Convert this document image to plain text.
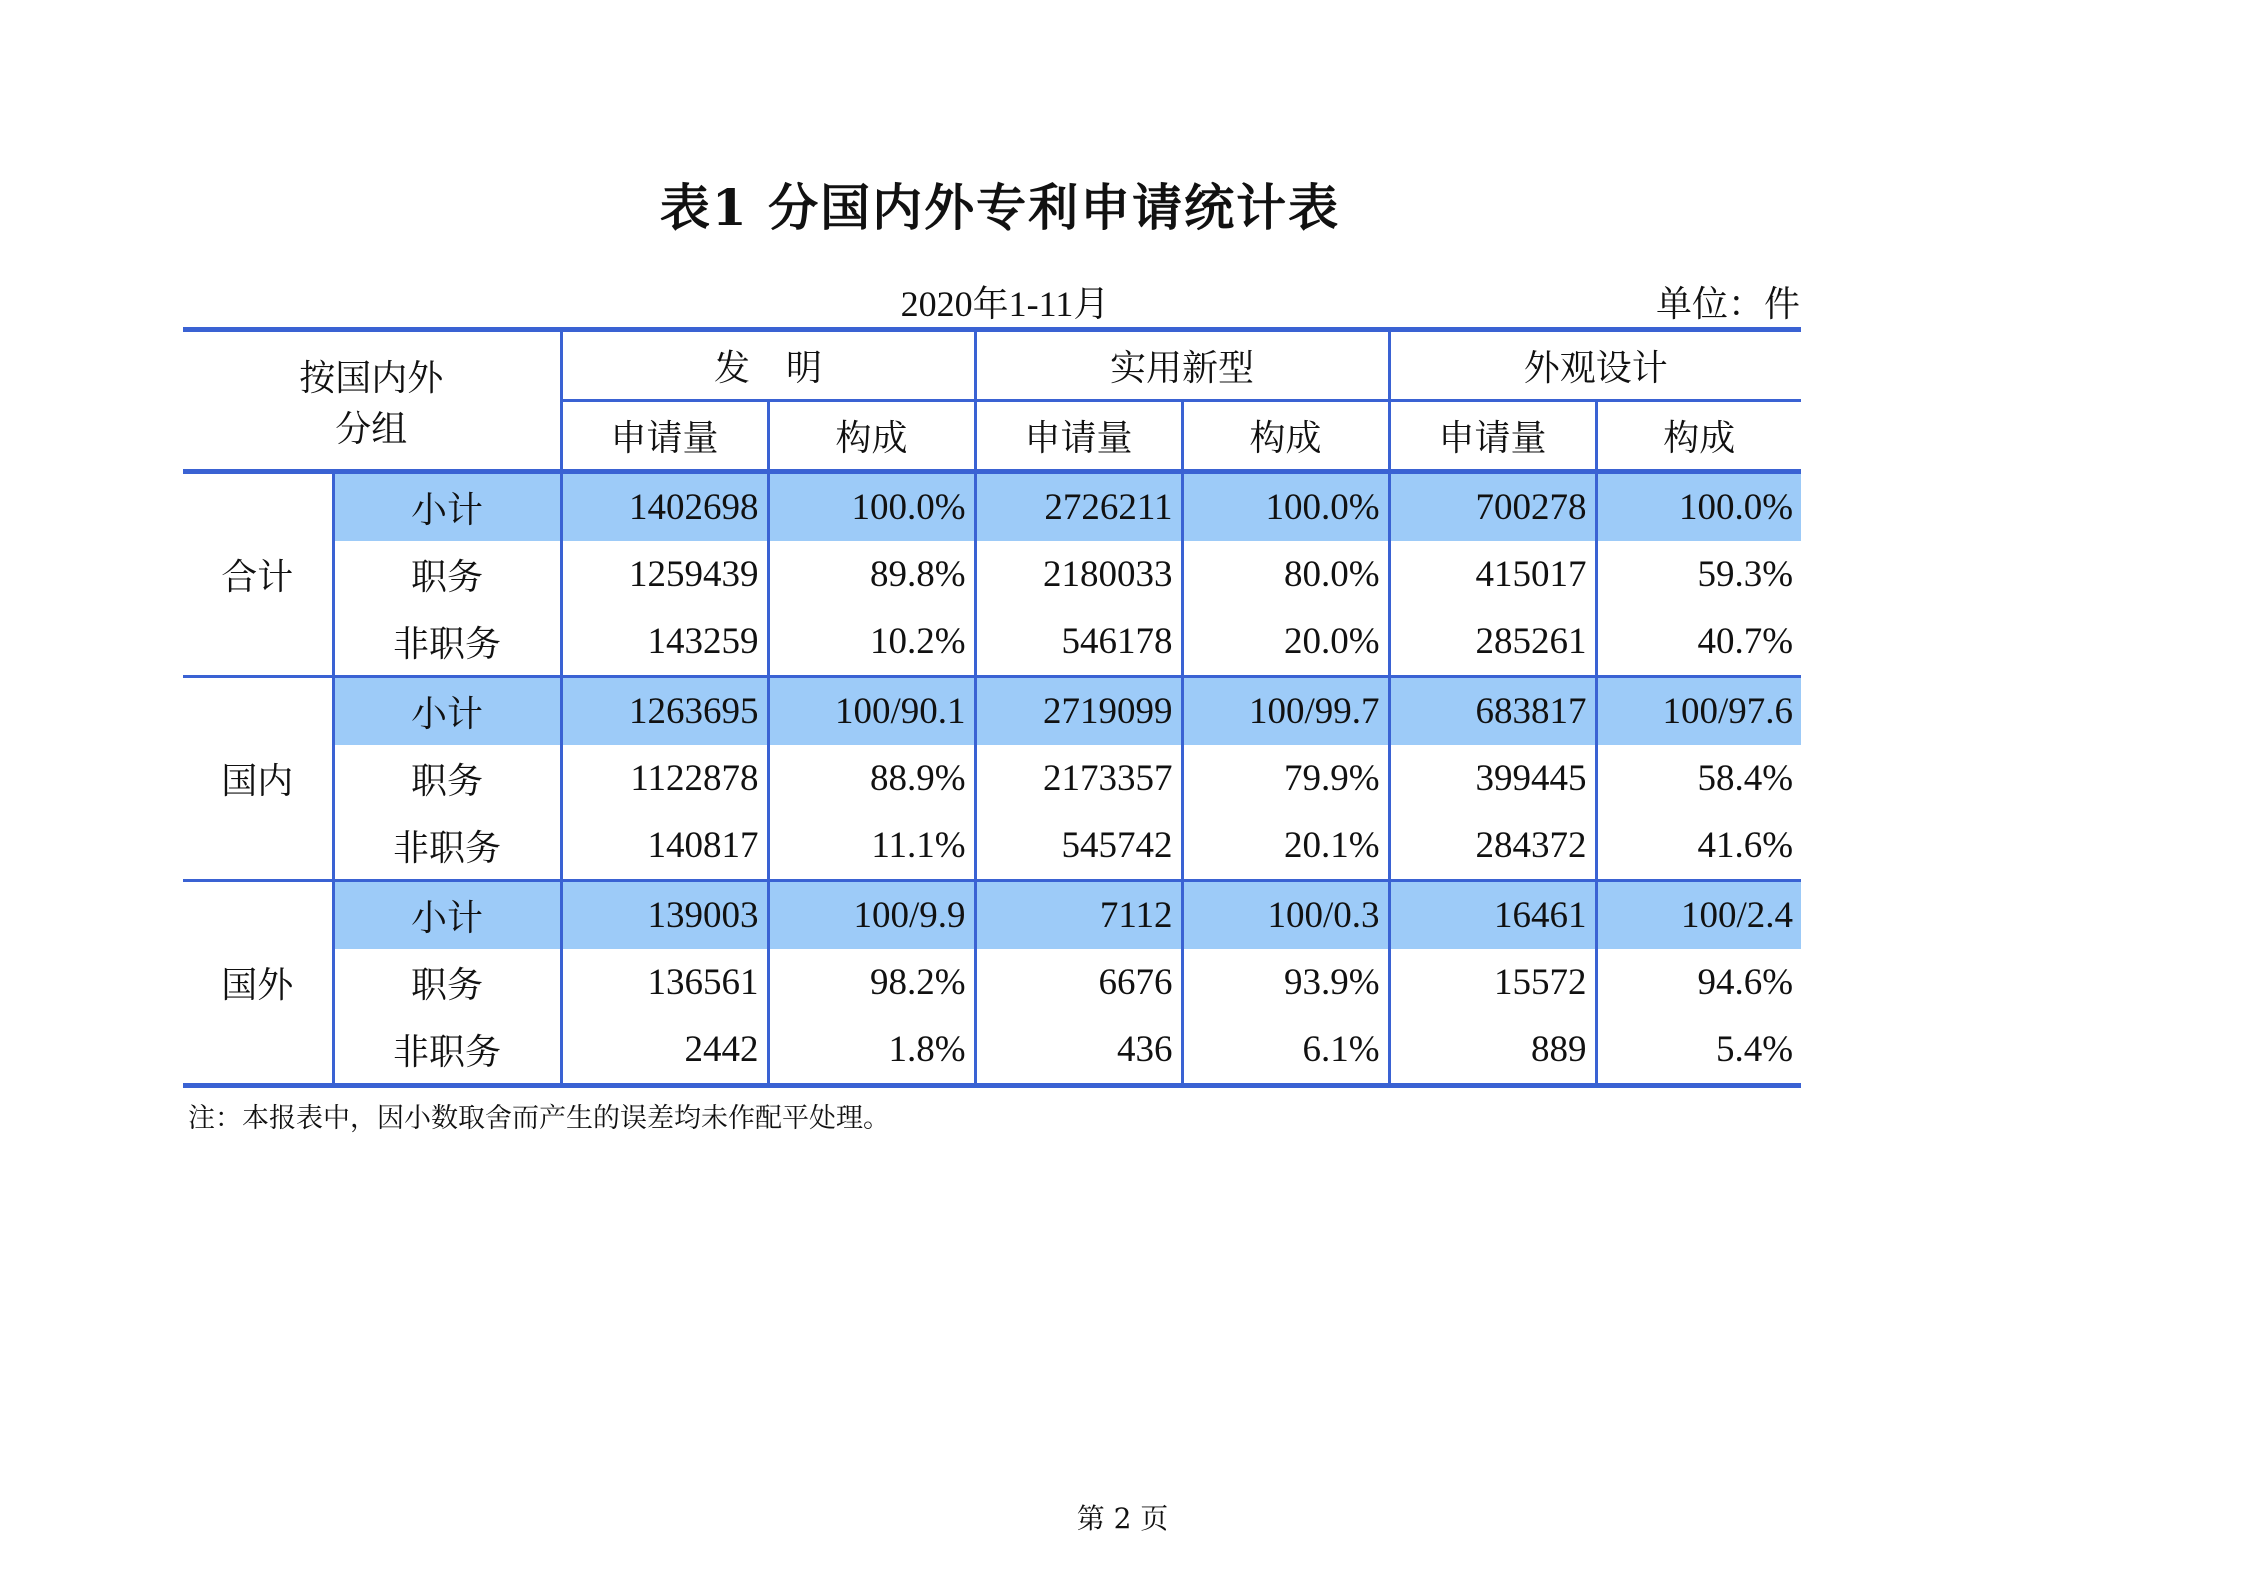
表1 分国内外专利申请统计表
2020年1-11月	单位：件
按国内外
分组		发　明		实用新型		外观设计	
		申请量	构成	申请量	构成	申请量	构成
合计	小计	1402698	100.0%	2726211	100.0%	700278	100.0%
	职务	1259439	89.8%	2180033	80.0%	415017	59.3%
	非职务	143259	10.2%	546178	20.0%	285261	40.7%
国内	小计	1263695	100/90.1	2719099	100/99.7	683817	100/97.6
	职务	1122878	88.9%	2173357	79.9%	399445	58.4%
	非职务	140817	11.1%	545742	20.1%	284372	41.6%
国外	小计	139003	100/9.9	7112	100/0.3	16461	100/2.4
	职务	136561	98.2%	6676	93.9%	15572	94.6%
	非职务	2442	1.8%	436	6.1%	889	5.4%
注：本报表中，因小数取舍而产生的误差均未作配平处理。
第 2 页
